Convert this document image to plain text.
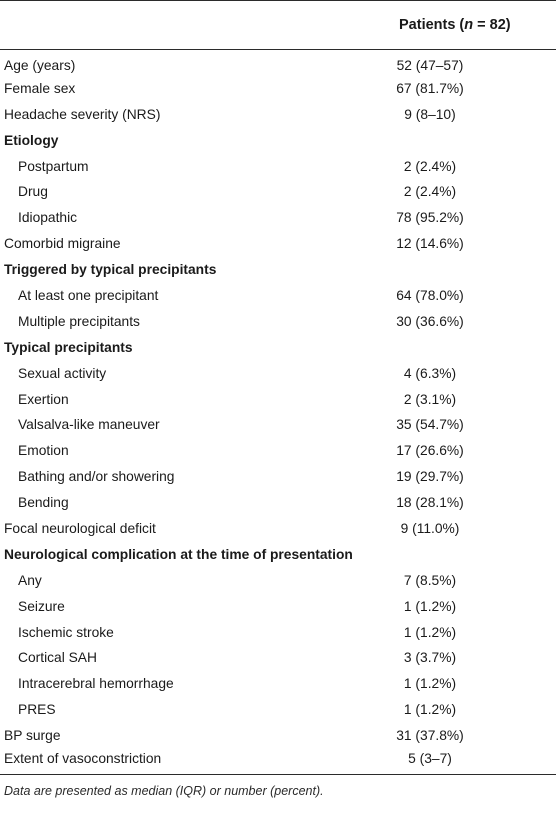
	Patients (n = 82)
Age (years)	52 (47–57)
Female sex	67 (81.7%)
Headache severity (NRS)	9 (8–10)
Etiology	
Postpartum	2 (2.4%)
Drug	2 (2.4%)
Idiopathic	78 (95.2%)
Comorbid migraine	12 (14.6%)
Triggered by typical precipitants	
At least one precipitant	64 (78.0%)
Multiple precipitants	30 (36.6%)
Typical precipitants	
Sexual activity	4 (6.3%)
Exertion	2 (3.1%)
Valsalva-like maneuver	35 (54.7%)
Emotion	17 (26.6%)
Bathing and/or showering	19 (29.7%)
Bending	18 (28.1%)
Focal neurological deficit	9 (11.0%)
Neurological complication at the time of presentation	
Any	7 (8.5%)
Seizure	1 (1.2%)
Ischemic stroke	1 (1.2%)
Cortical SAH	3 (3.7%)
Intracerebral hemorrhage	1 (1.2%)
PRES	1 (1.2%)
BP surge	31 (37.8%)
Extent of vasoconstriction	5 (3–7)
Data are presented as median (IQR) or number (percent).
